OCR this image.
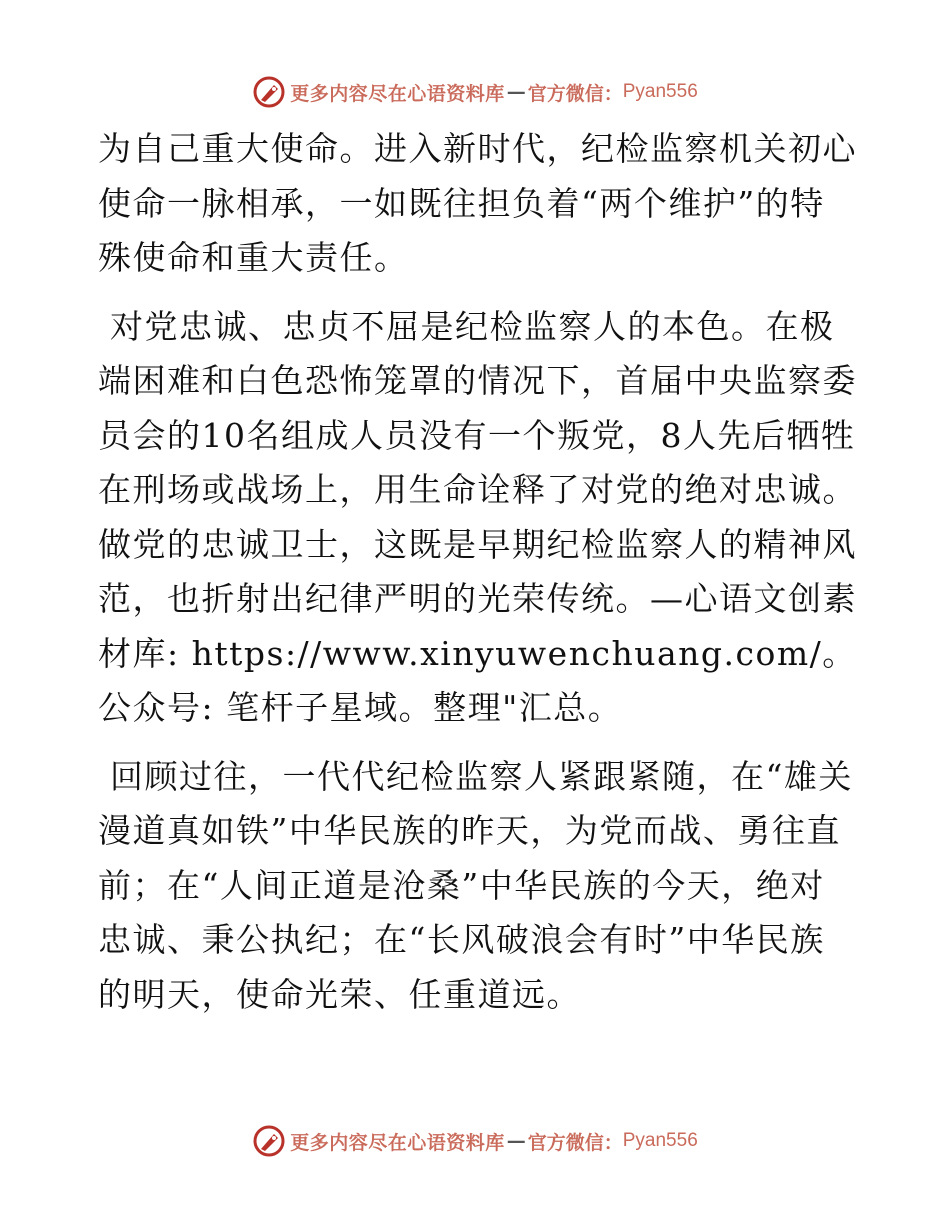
更多内容尽在心语资料库 — 官方微信： Pyan556

为自己重大使命。进入新时代，纪检监察机关初心使命一脉相承，一如既往担负着“两个维护”的特殊使命和重大责任。

对党忠诚、忠贞不屈是纪检监察人的本色。在极端困难和白色恐怖笼罩的情况下，首届中央监察委员会的10名组成人员没有一个叛党，8人先后牺牲在刑场或战场上，用生命诠释了对党的绝对忠诚。做党的忠诚卫士，这既是早期纪检监察人的精神风范，也折射出纪律严明的光荣传统。—心语文创素材库: https://www.xinyuwenchuang.com/。公众号: 笔杆子星域。整理"汇总。

回顾过往，一代代纪检监察人紧跟紧随，在“雄关漫道真如铁”中华民族的昨天，为党而战、勇往直前；在“人间正道是沧桑”中华民族的今天，绝对忠诚、秉公执纪；在“长风破浪会有时”中华民族的明天，使命光荣、任重道远。

更多内容尽在心语资料库 — 官方微信： Pyan556
